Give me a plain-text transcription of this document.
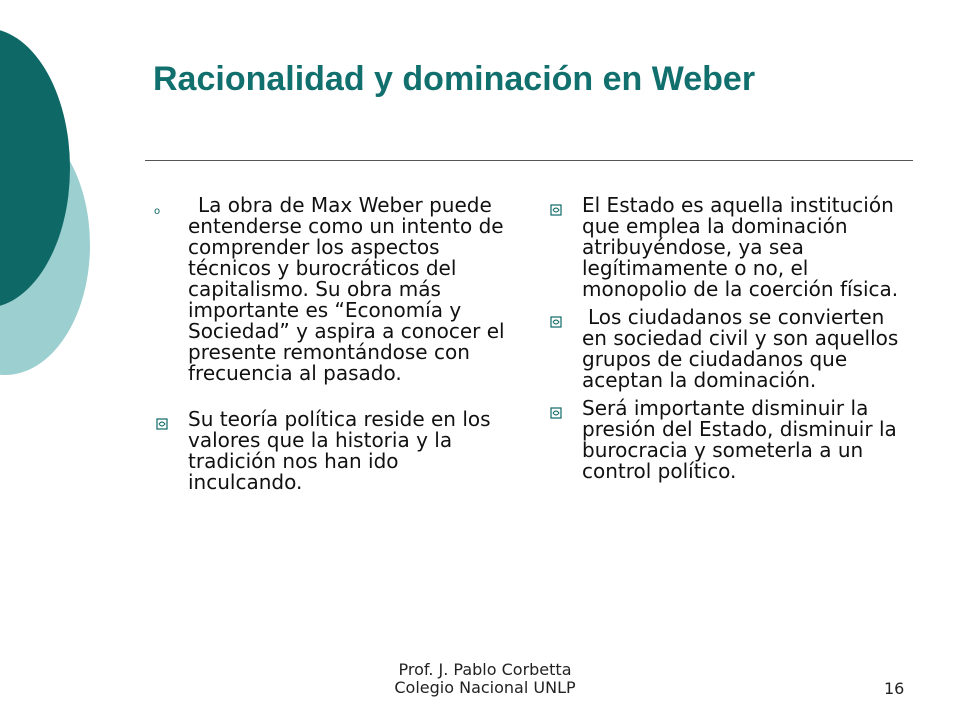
Racionalidad y dominación en Weber
o	La obra de Max Weber puede entenderse como un intento de comprender los aspectos técnicos y burocráticos del capitalismo. Su obra más importante es “Economía y Sociedad” y aspira a conocer el presente remontándose con frecuencia al pasado.
Su teoría política reside en los valores que la historia y la tradición nos han ido inculcando.
El Estado es aquella institución que emplea la dominación atribuyéndose, ya sea legítimamente o no, el monopolio de la coerción física.
Los ciudadanos se convierten en sociedad civil y son aquellos grupos de ciudadanos que aceptan la dominación.
Será importante disminuir la presión del Estado, disminuir la burocracia y someterla a un control político.
Prof. J. Pablo Corbetta
Colegio Nacional UNLP	16
